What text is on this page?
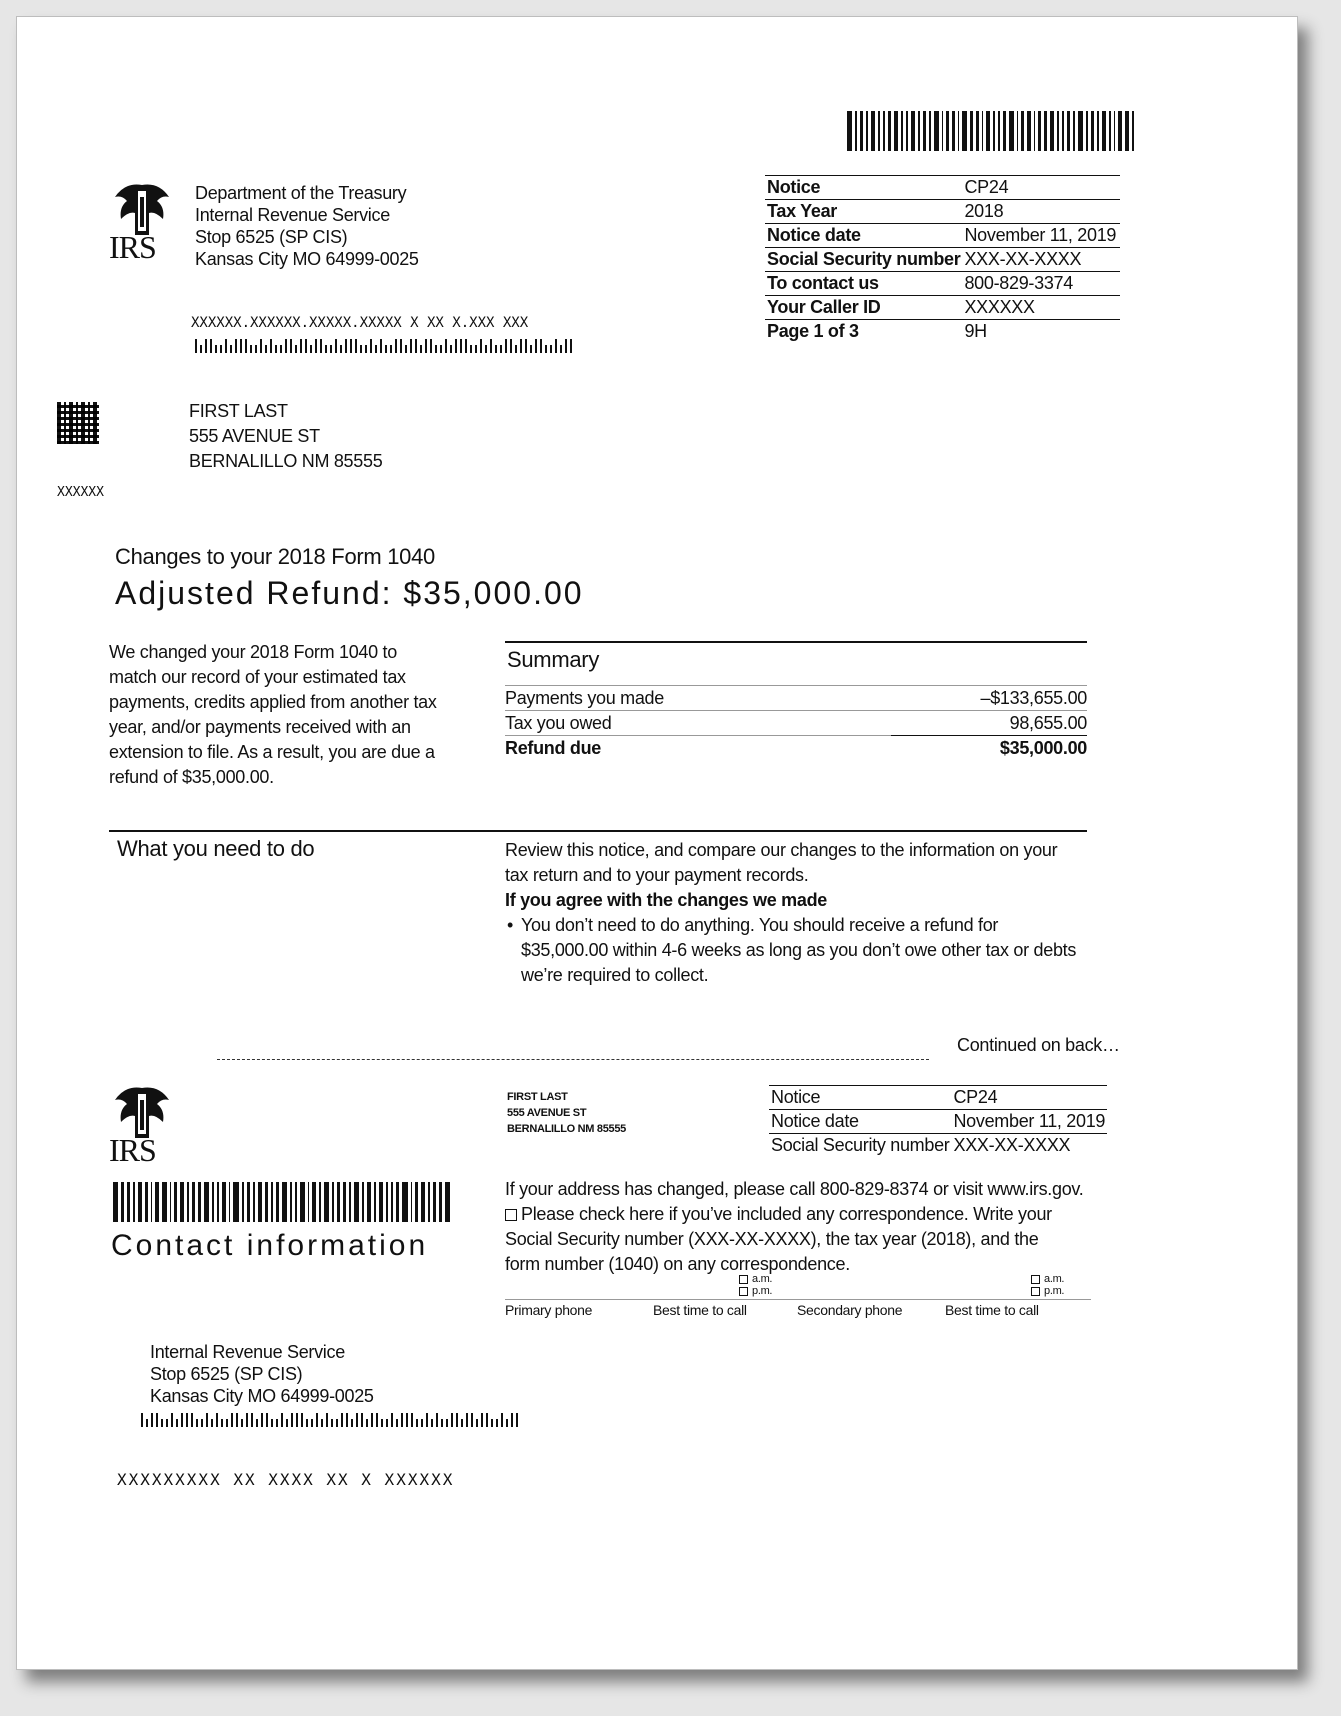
IRS
Department of the Treasury
Internal Revenue Service
Stop 6525 (SP CIS)
Kansas City MO 64999-0025
Notice	CP24
Tax Year	2018
Notice date	November 11, 2019
Social Security number	XXX-XX-XXXX
To contact us	800-829-3374
Your Caller ID	XXXXXX
Page 1 of 3	9H
XXXXXX.XXXXXX.XXXXX.XXXXX X XX X.XXX XXX
FIRST LAST
555 AVENUE ST
BERNALILLO NM 85555
XXXXXX
Changes to your 2018 Form 1040
Adjusted Refund: $35,000.00
We changed your 2018 Form 1040 to match our record of your estimated tax payments, credits applied from another tax year, and/or payments received with an extension to file. As a result, you are due a refund of $35,000.00.
Summary
Payments you made	–$133,655.00
Tax you owed	98,655.00
Refund due	$35,000.00
What you need to do	Review this notice, and compare our changes to the information on your tax return and to your payment records.
If you agree with the changes we made
• You don’t need to do anything. You should receive a refund for $35,000.00 within 4-6 weeks as long as you don’t owe other tax or debts we’re required to collect.
Continued on back…
IRS
FIRST LAST
555 AVENUE ST
BERNALILLO NM 85555
Notice	CP24
Notice date	November 11, 2019
Social Security number	XXX-XX-XXXX
Contact information
If your address has changed, please call 800-829-8374 or visit www.irs.gov.
Please check here if you’ve included any correspondence. Write your Social Security number (XXX-XX-XXXX), the tax year (2018), and the form number (1040) on any correspondence.
a.m.
p.m.
a.m.
p.m.
Primary phone	Best time to call	Secondary phone	Best time to call
Internal Revenue Service
Stop 6525 (SP CIS)
Kansas City MO 64999-0025
XXXXXXXXX XX XXXX XX X XXXXXX
